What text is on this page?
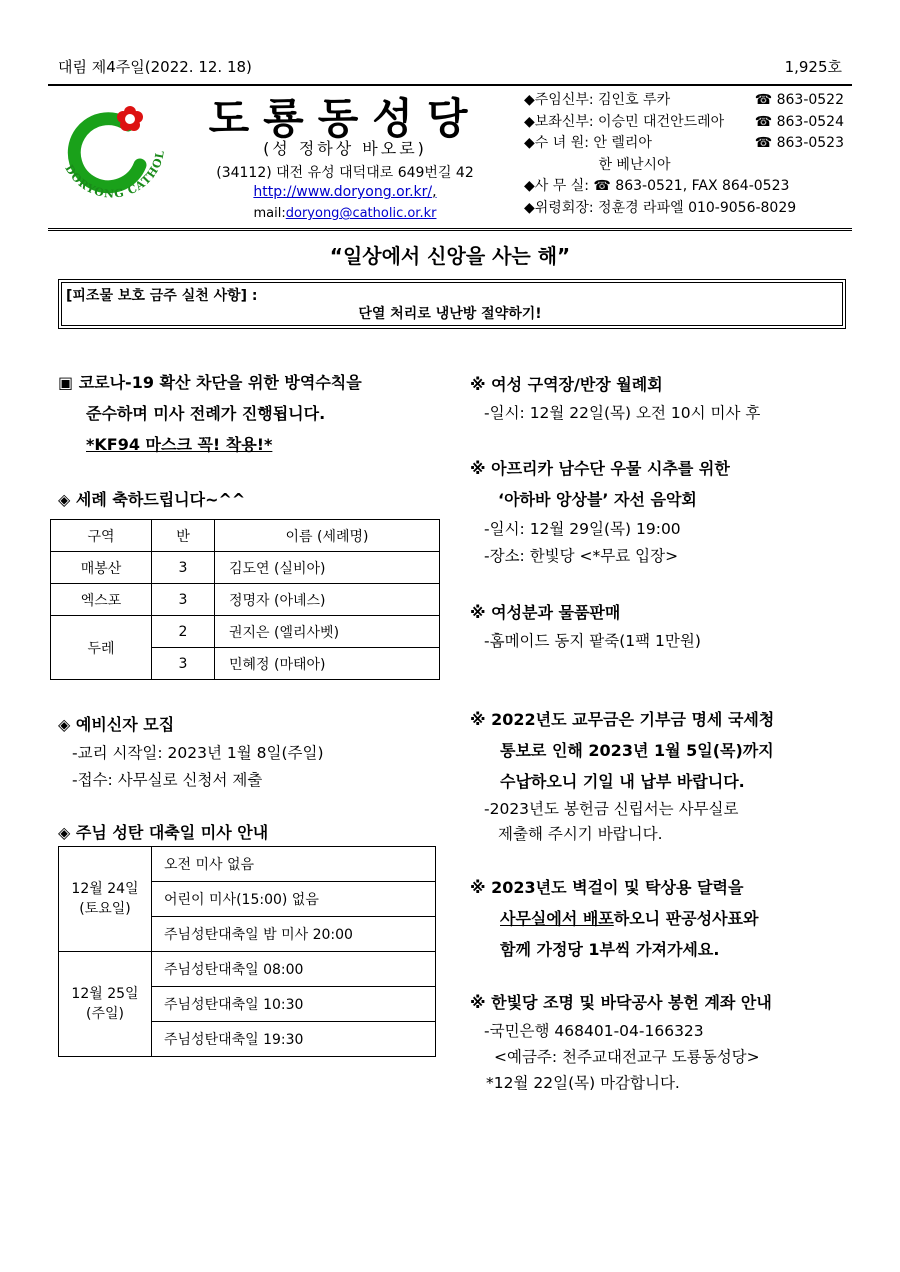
대림 제4주일(2022. 12. 18)	1,925호
DORYONG CATHOL
도룡동성당
(성 정하상 바오로)
(34112) 대전 유성 대덕대로 649번길 42
http://www.doryong.or.kr/,
mail:doryong@catholic.or.kr
◆주임신부: 김인호 루카	☎ 863-0522
◆보좌신부: 이승민 대건안드레아 ☎ 863-0524
◆수 녀 원: 안 렐리아	☎ 863-0523
　　　　　 한 베난시아
◆사 무 실: ☎ 863-0521, FAX 864-0523
◆위령회장: 정훈경 라파엘 010-9056-8029
“일상에서 신앙을 사는 해”
[피조물 보호 금주 실천 사항] :
단열 처리로 냉난방 절약하기!
▣ 코로나-19 확산 차단을 위한 방역수칙을
준수하며 미사 전례가 진행됩니다.
*KF94 마스크 꼭! 착용!*
◈ 세례 축하드립니다~^^
구역	반	이름 (세례명)
매봉산	3	김도연 (실비아)
엑스포	3	정명자 (아녜스)
두레	2	권지은 (엘리사벳)
	3	민혜정 (마태아)
◈ 예비신자 모집
-교리 시작일: 2023년 1월 8일(주일)
-접수: 사무실로 신청서 제출
◈ 주님 성탄 대축일 미사 안내
12월 24일
(토요일)	오전 미사 없음
	어린이 미사(15:00) 없음
	주님성탄대축일 밤 미사 20:00
12월 25일
(주일)	주님성탄대축일 08:00
	주님성탄대축일 10:30
	주님성탄대축일 19:30
※ 여성 구역장/반장 월례회
-일시: 12월 22일(목) 오전 10시 미사 후
※ 아프리카 남수단 우물 시추를 위한
‘아하바 앙상블’ 자선 음악회
-일시: 12월 29일(목) 19:00
-장소: 한빛당 <*무료 입장>
※ 여성분과 물품판매
-홈메이드 동지 팥죽(1팩 1만원)
※ 2022년도 교무금은 기부금 명세 국세청
통보로 인해 2023년 1월 5일(목)까지
수납하오니 기일 내 납부 바랍니다.
-2023년도 봉헌금 신립서는 사무실로
제출해 주시기 바랍니다.
※ 2023년도 벽걸이 및 탁상용 달력을
사무실에서 배포하오니 판공성사표와
함께 가정당 1부씩 가져가세요.
※ 한빛당 조명 및 바닥공사 봉헌 계좌 안내
-국민은행 468401-04-166323
<예금주: 천주교대전교구 도룡동성당>
*12월 22일(목) 마감합니다.
